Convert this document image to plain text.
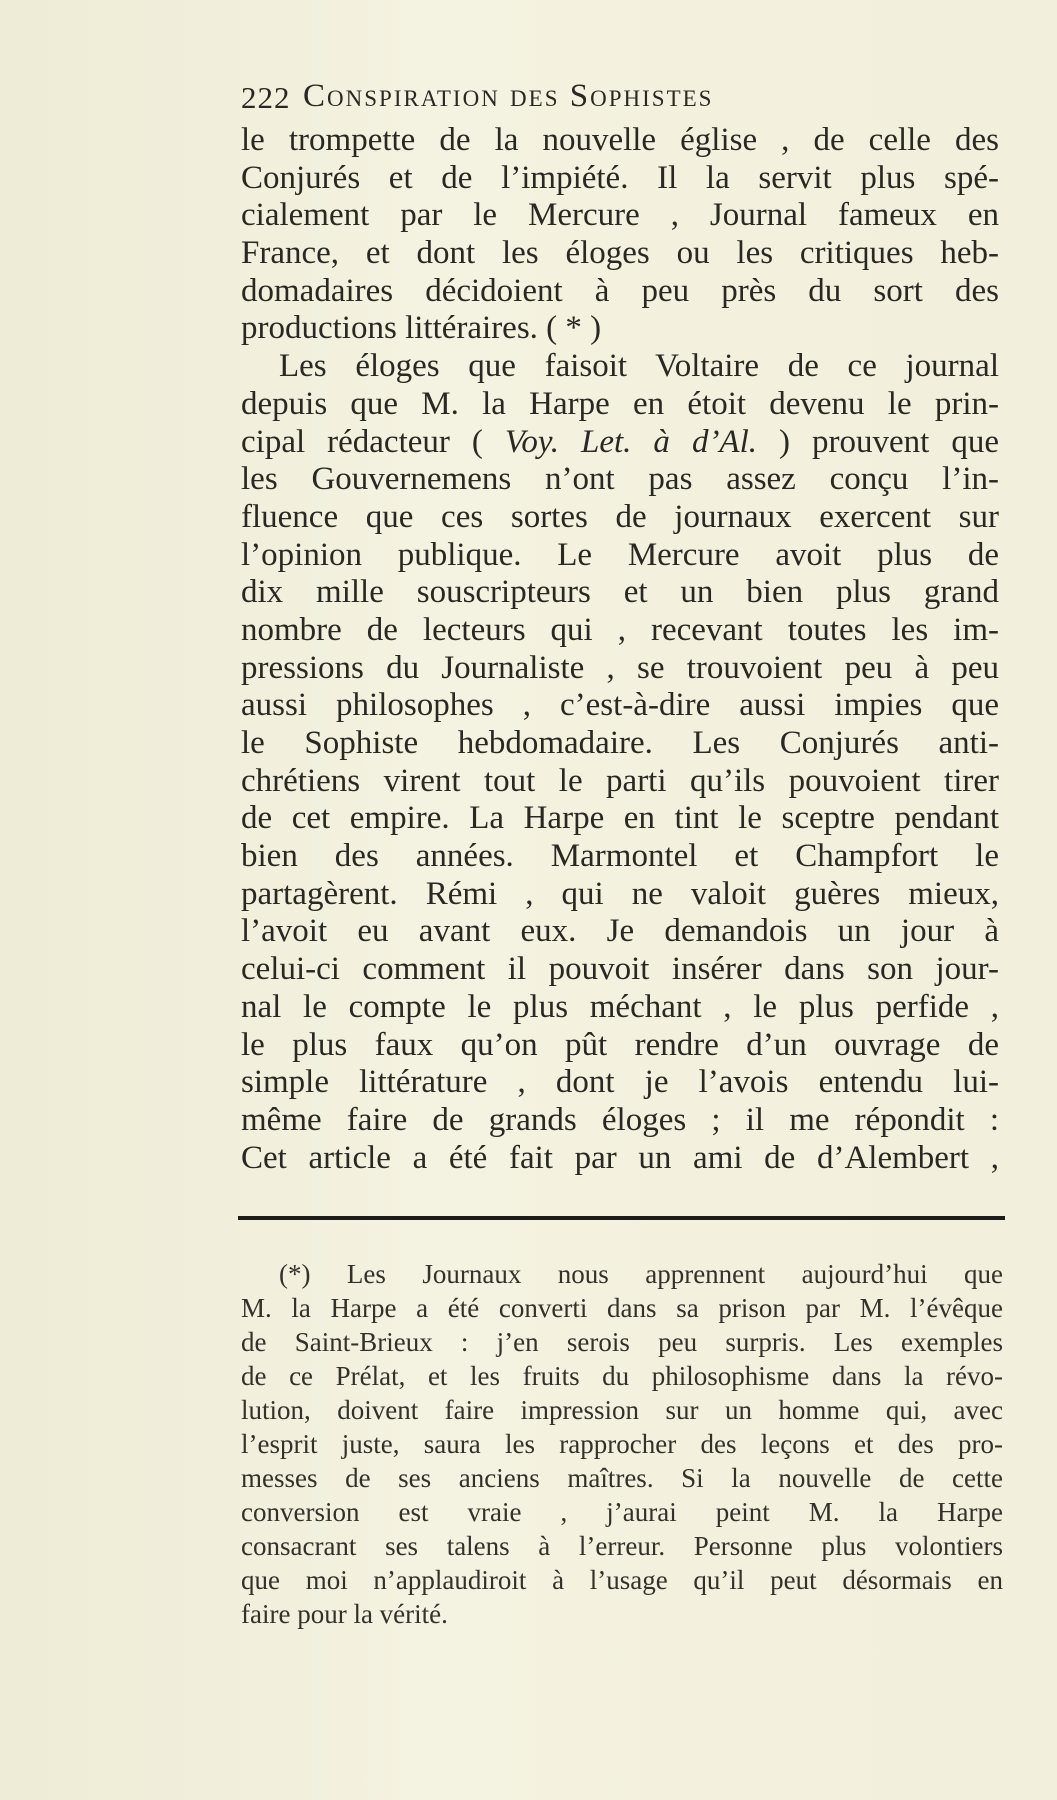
222 Conspiration des Sophistes
le trompette de la nouvelle église , de celle des
Conjurés et de l’impiété. Il la servit plus spé-
cialement par le Mercure , Journal fameux en
France, et dont les éloges ou les critiques heb-
domadaires décidoient à peu près du sort des
productions littéraires. ( * )
Les éloges que faisoit Voltaire de ce journal
depuis que M. la Harpe en étoit devenu le prin-
cipal rédacteur ( Voy. Let. à d’Al. ) prouvent que
les Gouvernemens n’ont pas assez conçu l’in-
fluence que ces sortes de journaux exercent sur
l’opinion publique. Le Mercure avoit plus de
dix mille souscripteurs et un bien plus grand
nombre de lecteurs qui , recevant toutes les im-
pressions du Journaliste , se trouvoient peu à peu
aussi philosophes , c’est-à-dire aussi impies que
le Sophiste hebdomadaire. Les Conjurés anti-
chrétiens virent tout le parti qu’ils pouvoient tirer
de cet empire. La Harpe en tint le sceptre pendant
bien des années. Marmontel et Champfort le
partagèrent. Rémi , qui ne valoit guères mieux,
l’avoit eu avant eux. Je demandois un jour à
celui-ci comment il pouvoit insérer dans son jour-
nal le compte le plus méchant , le plus perfide ,
le plus faux qu’on pût rendre d’un ouvrage de
simple littérature , dont je l’avois entendu lui-
même faire de grands éloges ; il me répondit :
Cet article a été fait par un ami de d’Alembert ,
(*) Les Journaux nous apprennent aujourd’hui que
M. la Harpe a été converti dans sa prison par M. l’évêque
de Saint-Brieux : j’en serois peu surpris. Les exemples
de ce Prélat, et les fruits du philosophisme dans la révo-
lution, doivent faire impression sur un homme qui, avec
l’esprit juste, saura les rapprocher des leçons et des pro-
messes de ses anciens maîtres. Si la nouvelle de cette
conversion est vraie , j’aurai peint M. la Harpe
consacrant ses talens à l’erreur. Personne plus volontiers
que moi n’applaudiroit à l’usage qu’il peut désormais en
faire pour la vérité.
